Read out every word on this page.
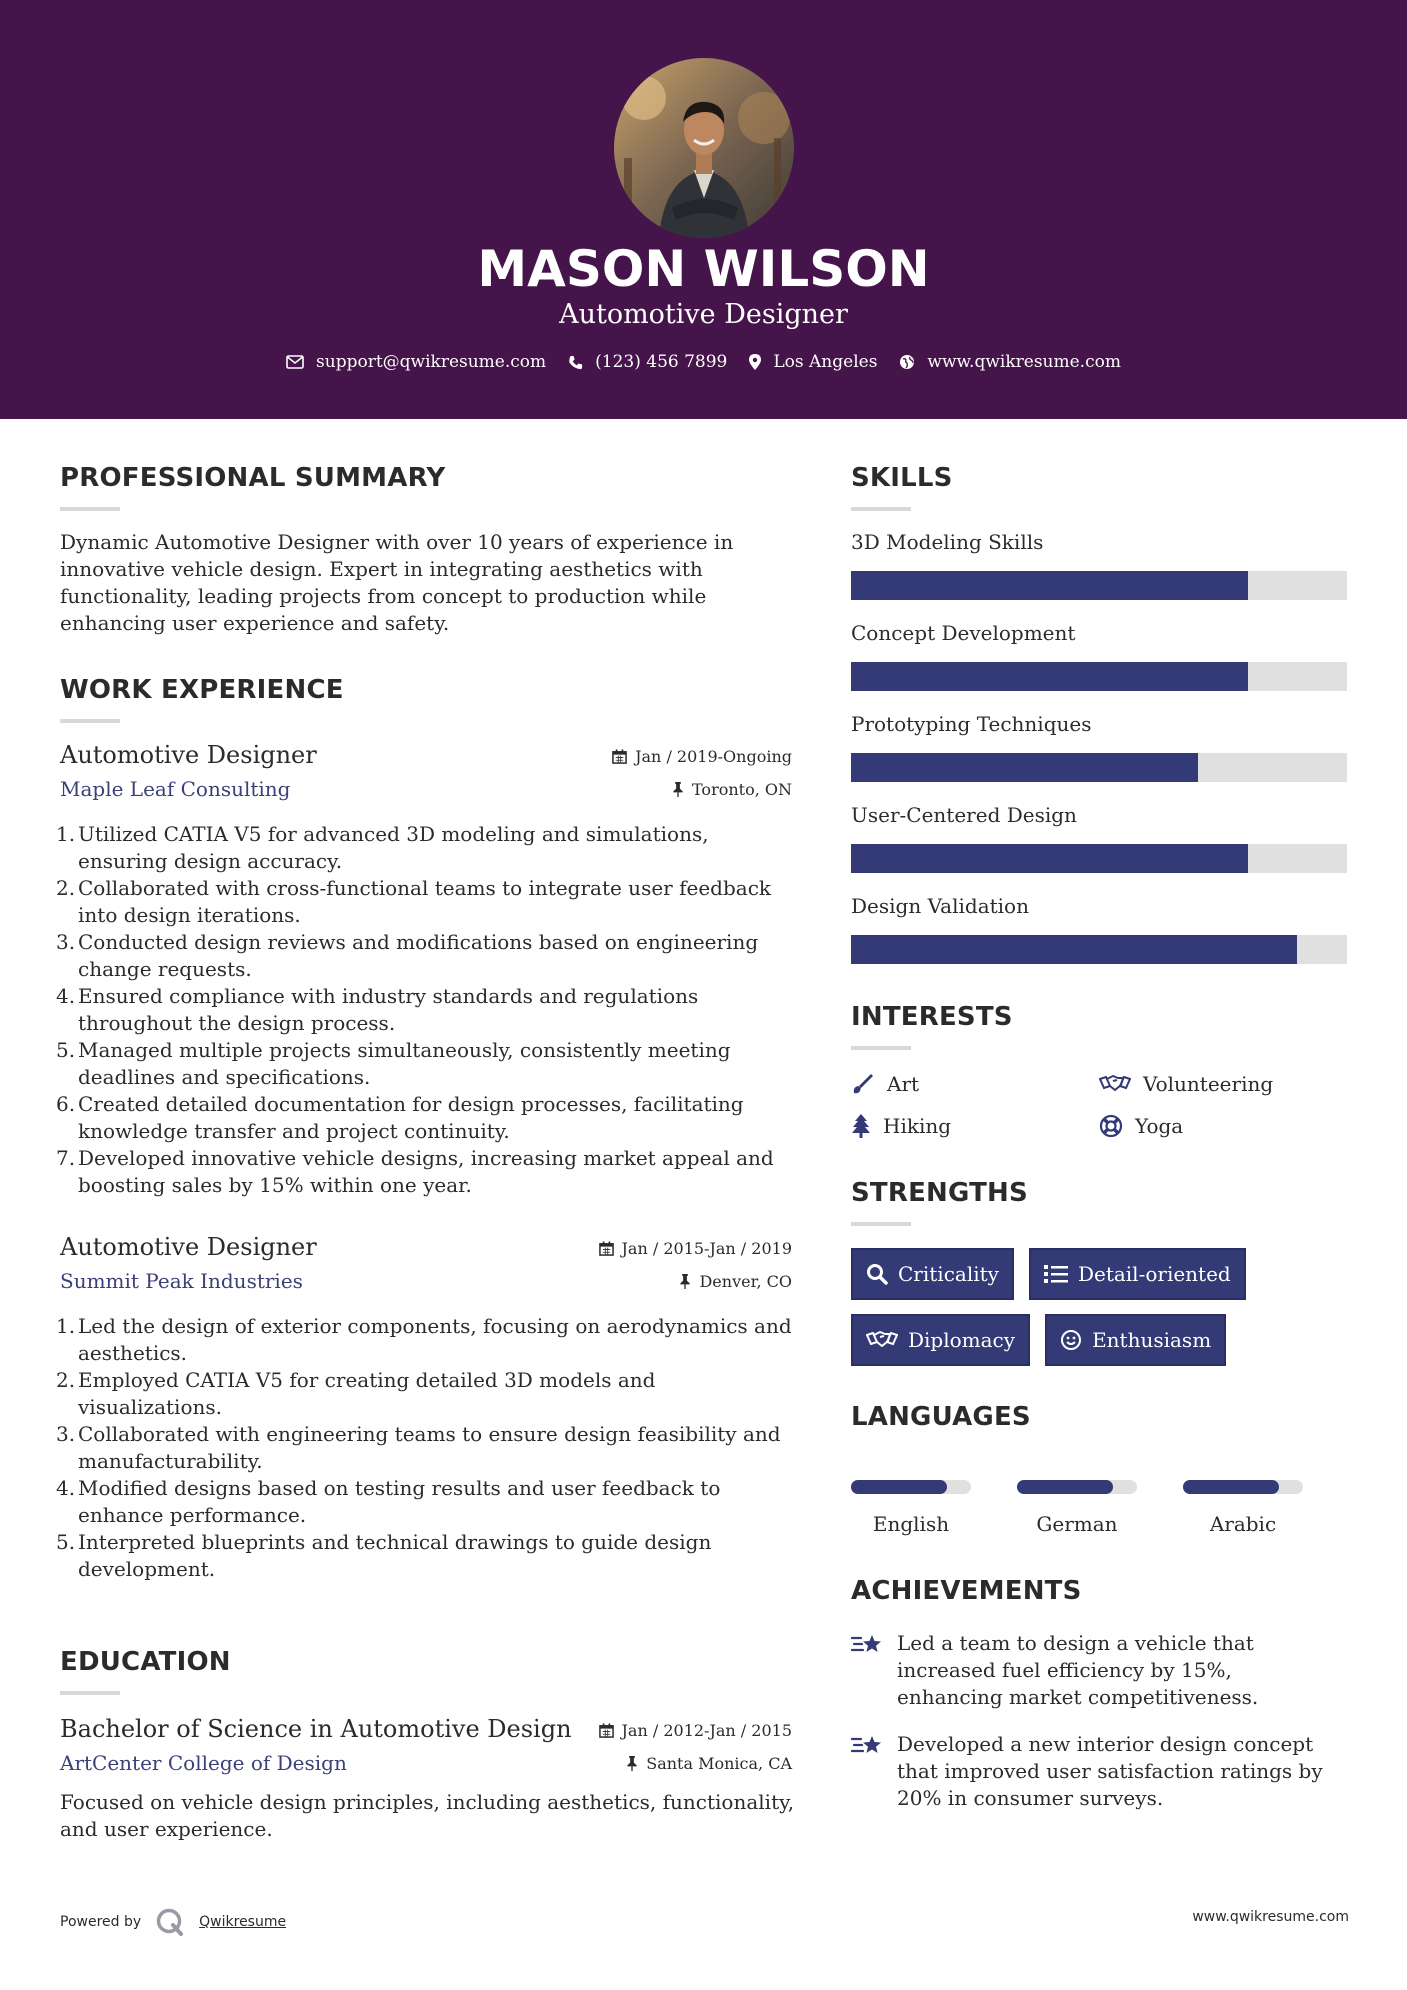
MASON WILSON
Automotive Designer
support@qwikresume.com	(123) 456 7899	Los Angeles	www.qwikresume.com
PROFESSIONAL SUMMARY

Dynamic Automotive Designer with over 10 years of experience in innovative vehicle design. Expert in integrating aesthetics with functionality, leading projects from concept to production while enhancing user experience and safety.

WORK EXPERIENCE
Automotive Designer
Maple Leaf Consulting
Jan / 2019-Ongoing
Toronto, ON
1. Utilized CATIA V5 for advanced 3D modeling and simulations, ensuring design accuracy.
2. Collaborated with cross-functional teams to integrate user feedback into design iterations.
3. Conducted design reviews and modifications based on engineering change requests.
4. Ensured compliance with industry standards and regulations throughout the design process.
5. Managed multiple projects simultaneously, consistently meeting deadlines and specifications.
6. Created detailed documentation for design processes, facilitating knowledge transfer and project continuity.
7. Developed innovative vehicle designs, increasing market appeal and boosting sales by 15% within one year.
Automotive Designer
Summit Peak Industries
Jan / 2015-Jan / 2019
Denver, CO
1. Led the design of exterior components, focusing on aerodynamics and aesthetics.
2. Employed CATIA V5 for creating detailed 3D models and visualizations.
3. Collaborated with engineering teams to ensure design feasibility and manufacturability.
4. Modified designs based on testing results and user feedback to enhance performance.
5. Interpreted blueprints and technical drawings to guide design development.
EDUCATION
Bachelor of Science in Automotive Design
ArtCenter College of Design
Jan / 2012-Jan / 2015
Santa Monica, CA

Focused on vehicle design principles, including aesthetics, functionality, and user experience.

SKILLS
3D Modeling Skills
Concept Development
Prototyping Techniques
User-Centered Design
Design Validation
INTERESTS
Art	Volunteering
Hiking	Yoga
STRENGTHS
Criticality	Detail-oriented
Diplomacy	Enthusiasm
LANGUAGES
English	German	Arabic
ACHIEVEMENTS
Led a team to design a vehicle that increased fuel efficiency by 15%, enhancing market competitiveness.
Developed a new interior design concept that improved user satisfaction ratings by 20% in consumer surveys.
Powered by	Qwikresume	www.qwikresume.com
